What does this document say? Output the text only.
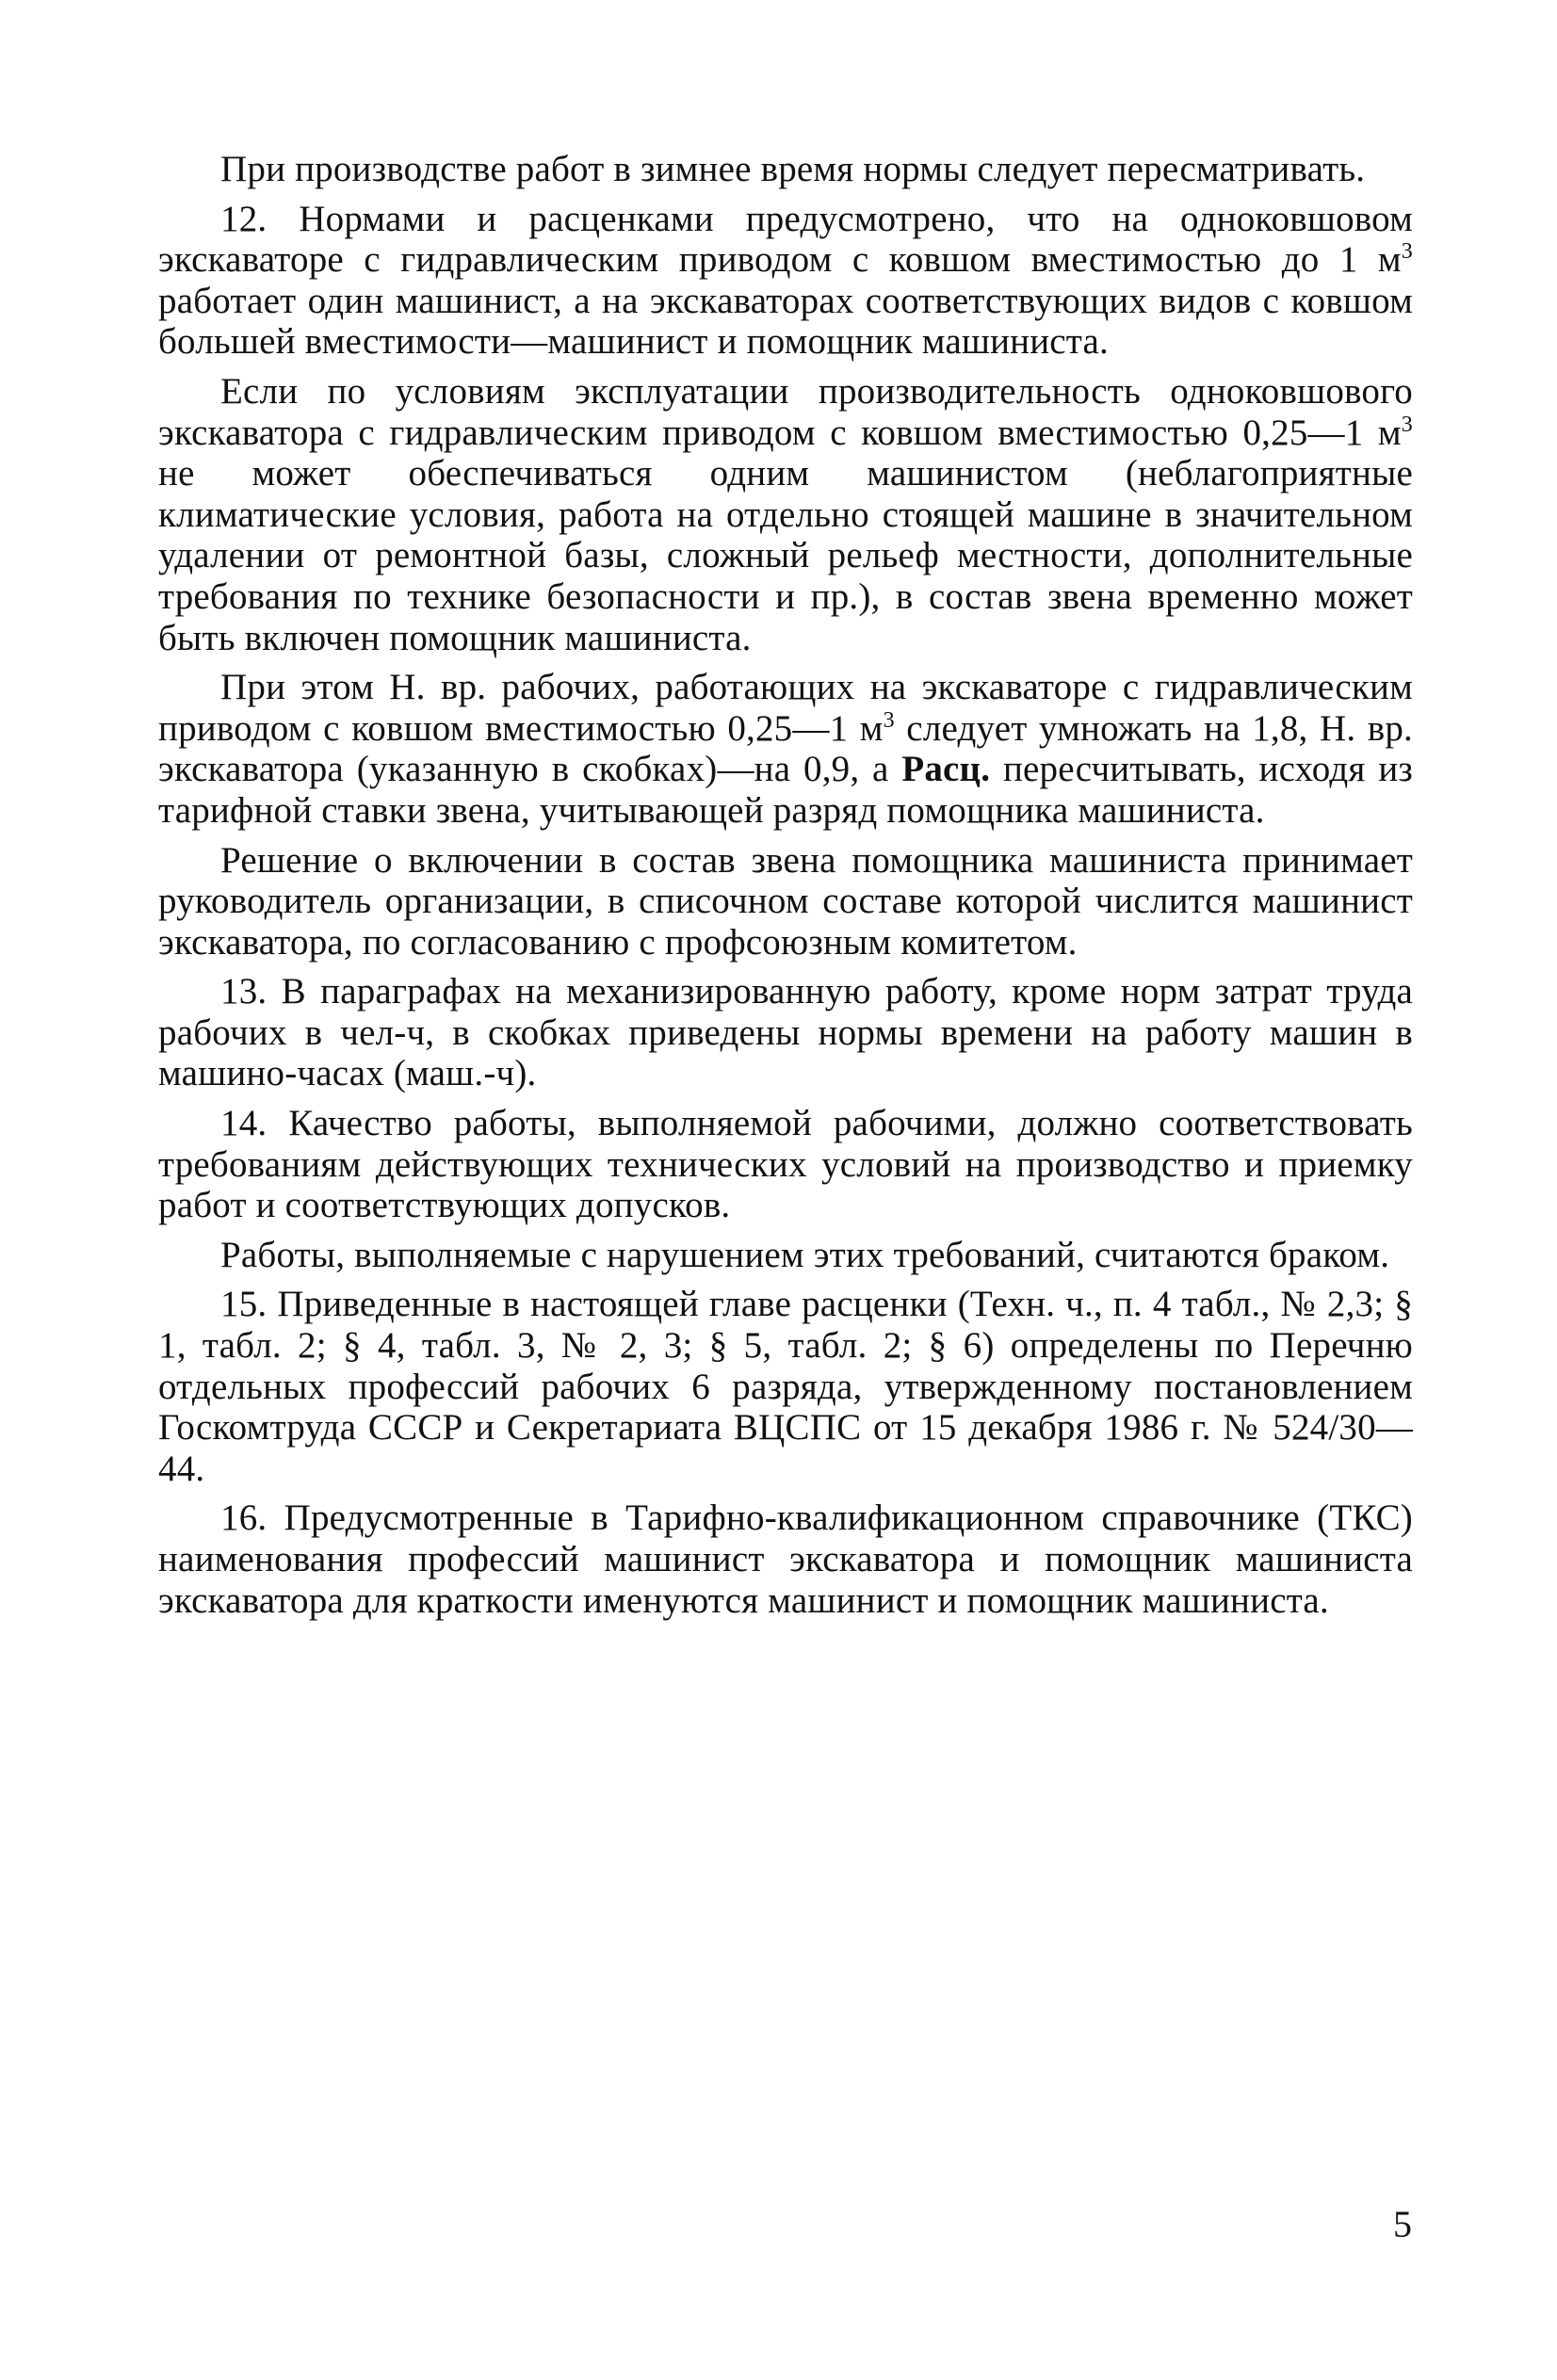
При производстве работ в зимнее время нормы следует пересматривать.

12. Нормами и расценками предусмотрено, что на одноковшовом экскаваторе с гидравлическим приводом с ковшом вместимостью до 1 $м^3$ работает один машинист, а на экскаваторах соответствующих видов с ковшом большей вместимости—машинист и помощник машиниста.

Если по условиям эксплуатации производительность одноковшового экскаватора с гидравлическим приводом с ковшом вместимостью 0,25—1 $м^3$ не может обеспечиваться одним машинистом (неблагоприятные климатические условия, работа на отдельно стоящей машине в значительном удалении от ремонтной базы, сложный рельеф местности, дополнительные требования по технике безопасности и пр.), в состав звена временно может быть включен помощник машиниста.

При этом Н. вр. рабочих, работающих на экскаваторе с гидравлическим приводом с ковшом вместимостью 0,25—1 $м^3$ следует умножать на 1,8, Н. вр. экскаватора (указанную в скобках)—на 0,9, а Расц. пересчитывать, исходя из тарифной ставки звена, учитывающей разряд помощника машиниста.

Решение о включении в состав звена помощника машиниста принимает руководитель организации, в списочном составе которой числится машинист экскаватора, по согласованию с профсоюзным комитетом.

13. В параграфах на механизированную работу, кроме норм затрат труда рабочих в чел-ч, в скобках приведены нормы времени на работу машин в машино-часах (маш.-ч).

14. Качество работы, выполняемой рабочими, должно соответствовать требованиям действующих технических условий на производство и приемку работ и соответствующих допусков.

Работы, выполняемые с нарушением этих требований, считаются браком.

15. Приведенные в настоящей главе расценки (Техн. ч., п. 4 табл., № 2,3; § 1, табл. 2; § 4, табл. 3, № 2, 3; § 5, табл. 2; § 6) определены по Перечню отдельных профессий рабочих 6 разряда, утвержденному постановлением Госкомтруда СССР и Секретариата ВЦСПС от 15 декабря 1986 г. № 524/30—44.

16. Предусмотренные в Тарифно-квалификационном справочнике (ТКС) наименования профессий машинист экскаватора и помощник машиниста экскаватора для краткости именуются машинист и помощник машиниста.

5
